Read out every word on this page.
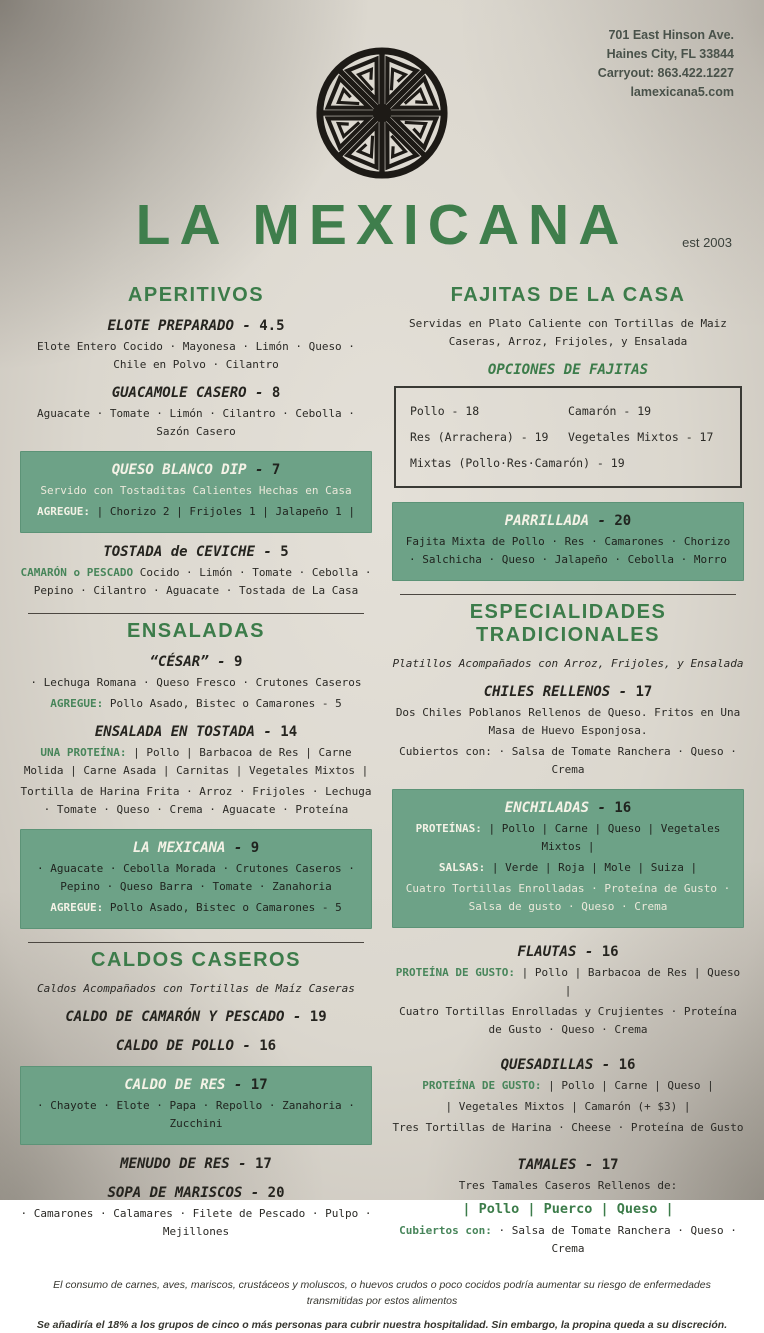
701 East Hinson Ave.
Haines City, FL 33844
Carryout: 863.422.1227
lamexicana5.com
LA MEXICANA	est 2003
APERITIVOS
ELOTE PREPARADO - 4.5
Elote Entero Cocido · Mayonesa · Limón · Queso · Chile en Polvo · Cilantro
GUACAMOLE CASERO - 8
Aguacate · Tomate · Limón · Cilantro · Cebolla · Sazón Casero
QUESO BLANCO DIP - 7
Servido con Tostaditas Calientes Hechas en Casa
AGREGUE: | Chorizo 2 | Frijoles 1 | Jalapeño 1 |
TOSTADA de CEVICHE - 5
CAMARÓN o PESCADO Cocido · Limón · Tomate · Cebolla · Pepino · Cilantro · Aguacate · Tostada de La Casa
ENSALADAS
“CÉSAR” - 9
· Lechuga Romana · Queso Fresco · Crutones Caseros
AGREGUE: Pollo Asado, Bistec o Camarones - 5
ENSALADA EN TOSTADA - 14
UNA PROTEÍNA: | Pollo | Barbacoa de Res | Carne Molida | Carne Asada | Carnitas | Vegetales Mixtos |
Tortilla de Harina Frita · Arroz · Frijoles · Lechuga · Tomate · Queso · Crema · Aguacate · Proteína
LA MEXICANA - 9
· Aguacate · Cebolla Morada · Crutones Caseros · Pepino · Queso Barra · Tomate · Zanahoria
AGREGUE: Pollo Asado, Bistec o Camarones - 5
CALDOS CASEROS
Caldos Acompañados con Tortillas de Maíz Caseras
CALDO DE CAMARÓN Y PESCADO - 19
CALDO DE POLLO - 16
CALDO DE RES - 17
· Chayote · Elote · Papa · Repollo · Zanahoria · Zucchini
MENUDO DE RES - 17
SOPA DE MARISCOS - 20
· Camarones · Calamares · Filete de Pescado · Pulpo · Mejillones
FAJITAS DE LA CASA
Servidas en Plato Caliente con Tortillas de Maiz Caseras, Arroz, Frijoles, y Ensalada
OPCIONES DE FAJITAS
Pollo - 18	Camarón - 19
Res (Arrachera) - 19	Vegetales Mixtos - 17
Mixtas (Pollo·Res·Camarón) - 19
PARRILLADA - 20
Fajita Mixta de Pollo · Res · Camarones · Chorizo · Salchicha · Queso · Jalapeño · Cebolla · Morro
ESPECIALIDADES TRADICIONALES
Platillos Acompañados con Arroz, Frijoles, y Ensalada
CHILES RELLENOS - 17
Dos Chiles Poblanos Rellenos de Queso. Fritos en Una Masa de Huevo Esponjosa.
Cubiertos con: · Salsa de Tomate Ranchera · Queso · Crema
ENCHILADAS - 16
PROTEÍNAS: | Pollo | Carne | Queso | Vegetales Mixtos |
SALSAS: | Verde | Roja | Mole | Suiza |
Cuatro Tortillas Enrolladas · Proteína de Gusto · Salsa de gusto · Queso · Crema
FLAUTAS - 16
PROTEÍNA DE GUSTO: | Pollo | Barbacoa de Res | Queso |
Cuatro Tortillas Enrolladas y Crujientes · Proteína de Gusto · Queso · Crema
QUESADILLAS - 16
PROTEÍNA DE GUSTO: | Pollo | Carne | Queso |
| Vegetales Mixtos | Camarón (+ $3) |
Tres Tortillas de Harina · Cheese · Proteína de Gusto
TAMALES - 17
Tres Tamales Caseros Rellenos de:
| Pollo | Puerco | Queso |
Cubiertos con: · Salsa de Tomate Ranchera · Queso · Crema
El consumo de carnes, aves, mariscos, crustáceos y moluscos, o huevos crudos o poco cocidos podría aumentar su riesgo de enfermedades transmitidas por estos alimentos
Se añadiría el 18% a los grupos de cinco o más personas para cubrir nuestra hospitalidad. Sin embargo, la propina queda a su discreción.
